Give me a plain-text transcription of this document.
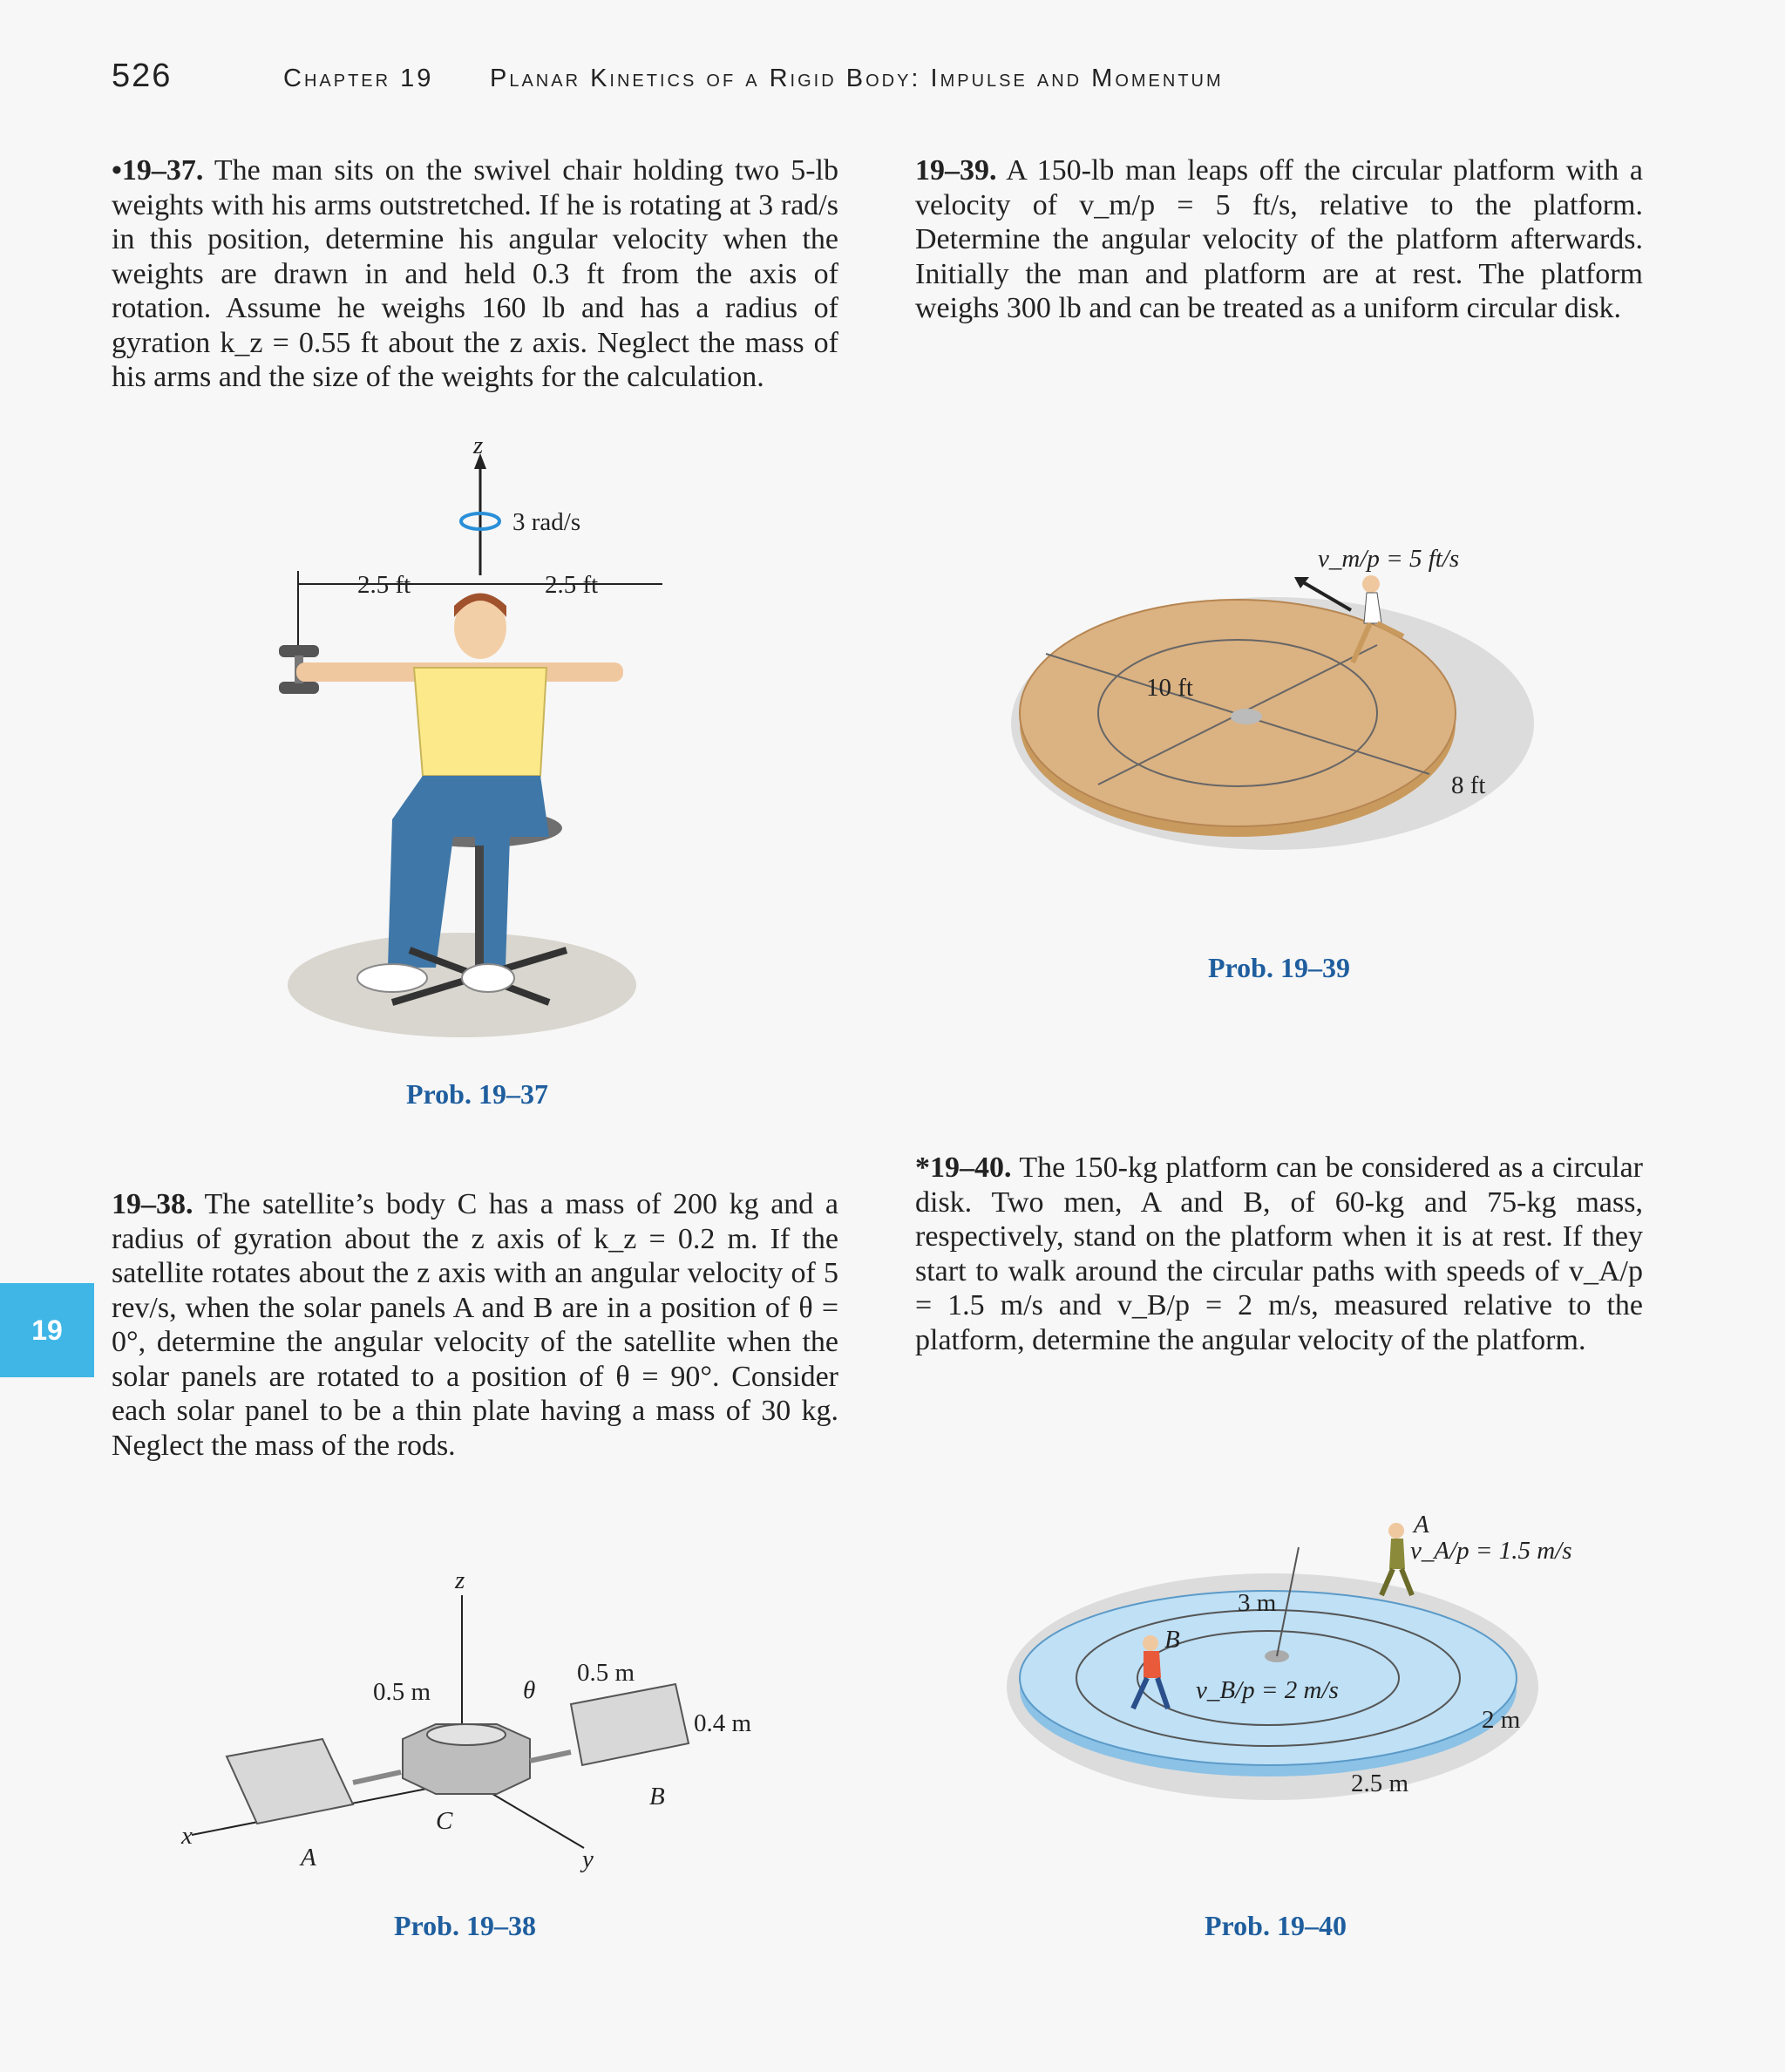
526	Chapter 19 Planar Kinetics of a Rigid Body: Impulse and Momentum
19
•19–37. The man sits on the swivel chair holding two 5-lb weights with his arms outstretched. If he is rotating at 3 rad/s in this position, determine his angular velocity when the weights are drawn in and held 0.3 ft from the axis of rotation. Assume he weighs 160 lb and has a radius of gyration k_z = 0.55 ft about the z axis. Neglect the mass of his arms and the size of the weights for the calculation.
19–39. A 150-lb man leaps off the circular platform with a velocity of v_m/p = 5 ft/s, relative to the platform. Determine the angular velocity of the platform afterwards. Initially the man and platform are at rest. The platform weighs 300 lb and can be treated as a uniform circular disk.
19–38. The satellite’s body C has a mass of 200 kg and a radius of gyration about the z axis of k_z = 0.2 m. If the satellite rotates about the z axis with an angular velocity of 5 rev/s, when the solar panels A and B are in a position of θ = 0°, determine the angular velocity of the satellite when the solar panels are rotated to a position of θ = 90°. Consider each solar panel to be a thin plate having a mass of 30 kg. Neglect the mass of the rods.
*19–40. The 150-kg platform can be considered as a circular disk. Two men, A and B, of 60-kg and 75-kg mass, respectively, stand on the platform when it is at rest. If they start to walk around the circular paths with speeds of v_A/p = 1.5 m/s and v_B/p = 2 m/s, measured relative to the platform, determine the angular velocity of the platform.
z
3 rad/s
2.5 ft	2.5 ft
Prob. 19–37
10 ft
8 ft
v_m/p = 5 ft/s
Prob. 19–39
z
x
y
A
C
B
θ
0.5 m
0.5 m
0.4 m
Prob. 19–38
3 m
2 m
2.5 m
v_A/p = 1.5 m/s
v_B/p = 2 m/s
A
B
Prob. 19–40
